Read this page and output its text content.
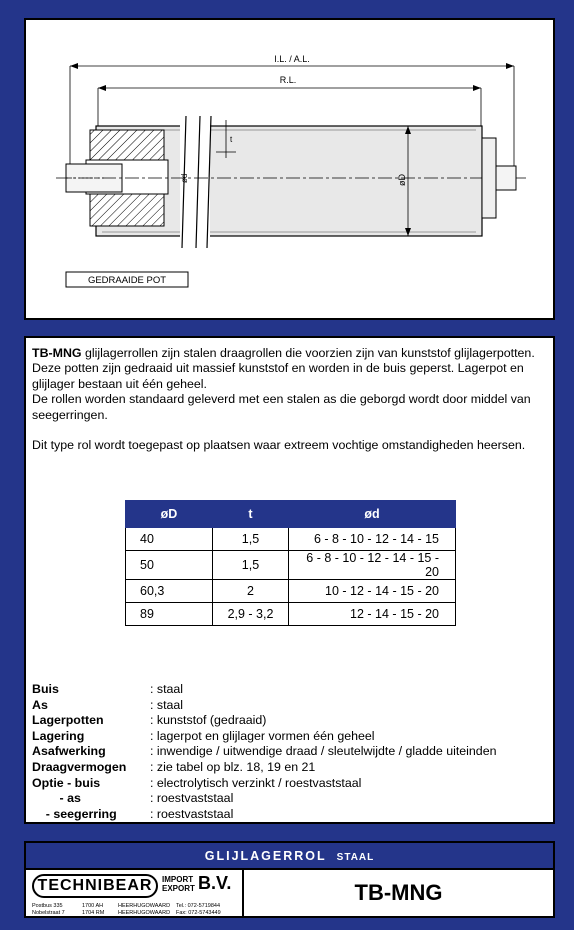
I.L. / A.L.
R.L.
ød
t
øD
GEDRAAIDE POT

TB-MNG glijlagerrollen zijn stalen draagrollen die voorzien zijn van kunststof glijlagerpotten. Deze potten zijn gedraaid uit massief kunststof en worden in de buis geperst. Lagerpot en glijlager bestaan uit één geheel.

De rollen worden standaard geleverd met een stalen as die geborgd wordt door middel van seegerringen.

Dit type rol wordt toegepast op plaatsen waar extreem vochtige omstandigheden heersen.

øD	t	ød
40	1,5	6 - 8 - 10 - 12 - 14 - 15
50	1,5	6 - 8 - 10 - 12 - 14 - 15 - 20
60,3	2	10 - 12 - 14 - 15 - 20
89	2,9 - 3,2	12 - 14 - 15 - 20
Buis	: staal
As	: staal
Lagerpotten	: kunststof (gedraaid)
Lagering	: lagerpot en glijlager vormen één geheel
Asafwerking	: inwendige / uitwendige draad / sleutelwijdte / gladde uiteinden
Draagvermogen	: zie tabel op blz. 18, 19 en 21
Optie - buis	: electrolytisch verzinkt / roestvaststaal
- as	: roestvaststaal
- seegerring	: roestvaststaal
GLIJLAGERROL STAAL
TECHNIBEAR	IMPORT
EXPORT B.V.
Postbus 335
Nobelstraat 7
1700 AH
1704 RM
HEERHUGOWAARD
HEERHUGOWAARD
Tel.: 072-5719844
Fax: 072-5743449
TB-MNG
